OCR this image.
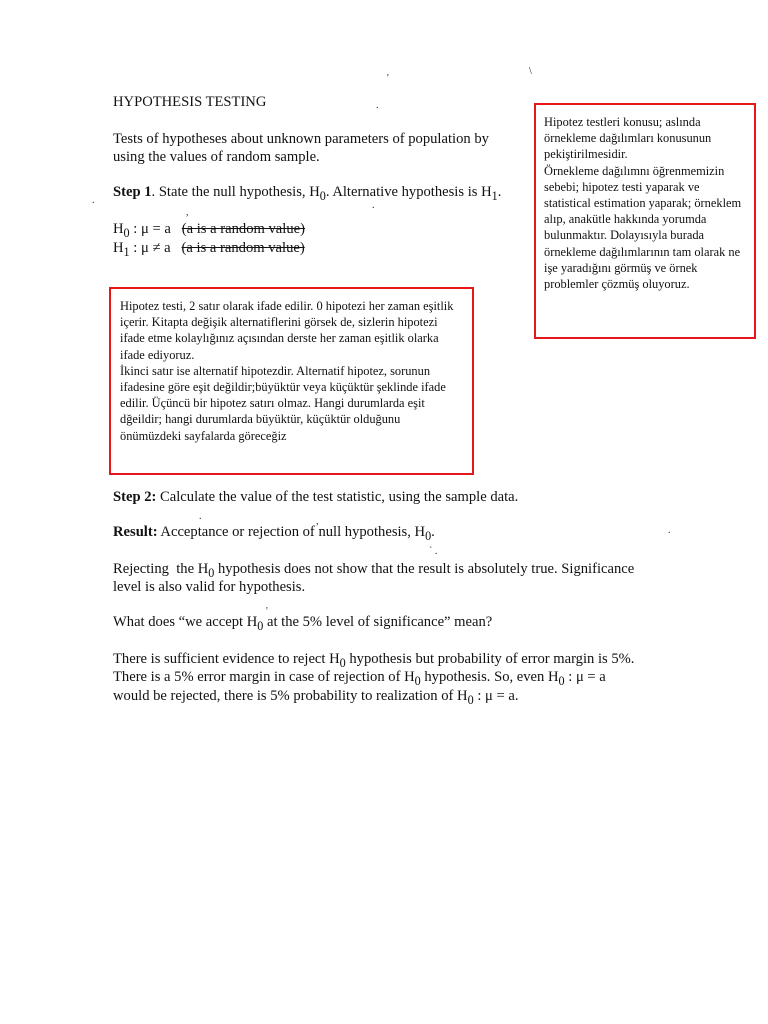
'
\
.
.
,
.
.	,
.
` .
'
HYPOTHESIS TESTING
Tests of hypotheses about unknown parameters of population by
using the values of random sample.
Step 1. State the null hypothesis, $H_0$. Alternative hypothesis is $H_1$.
$H_0$ : μ = a   (a is a random value)
$H_1$ : μ ≠ a   (a is a random value)
Hipotez testleri konusu; aslında örnekleme dağılımları konusunun pekiştirilmesidir.
Örnekleme dağılımnı öğrenmemizin sebebi; hipotez testi yaparak ve statistical estimation yaparak; örneklem alıp, anakütle hakkında yorumda bulunmaktır. Dolayısıyla burada örnekleme dağılımlarının tam olarak ne işe yaradığını görmüş ve örnek problemler çözmüş oluyoruz.
Hipotez testi, 2 satır olarak ifade edilir. 0 hipotezi her zaman eşitlik içerir. Kitapta değişik alternatiflerini görsek de, sizlerin hipotezi ifade etme kolaylığınız açısından derste her zaman eşitlik olarka ifade ediyoruz.
İkinci satır ise alternatif hipotezdir. Alternatif hipotez, sorunun ifadesine göre eşit değildir;büyüktür veya küçüktür şeklinde ifade edilir. Üçüncü bir hipotez satırı olmaz. Hangi durumlarda eşit dğeildir; hangi durumlarda büyüktür, küçüktür olduğunu önümüzdeki sayfalarda göreceğiz
Step 2: Calculate the value of the test statistic, using the sample data.
Result: Acceptance or rejection of null hypothesis, $H_0$.
Rejecting  the $H_0$ hypothesis does not show that the result is absolutely true. Significance
level is also valid for hypothesis.
What does “we accept $H_0$ at the 5% level of significance” mean?
There is sufficient evidence to reject $H_0$ hypothesis but probability of error margin is 5%.
There is a 5% error margin in case of rejection of $H_0$ hypothesis. So, even $H_0$ : μ = a
would be rejected, there is 5% probability to realization of $H_0$ : μ = a.
